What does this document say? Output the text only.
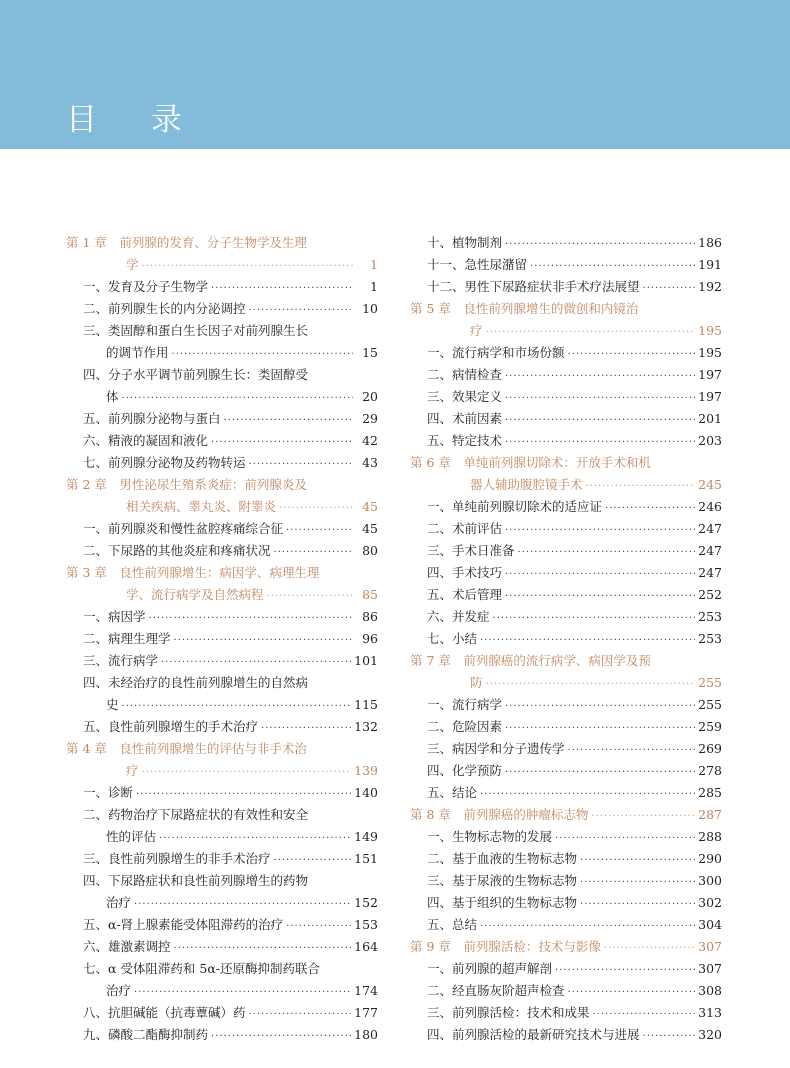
目 录
第 1 章　前列腺的发育、分子生物学及生理
学 ·····	1
一、发育及分子生物学 ·····	1
二、前列腺生长的内分泌调控 ·····	10
三、类固醇和蛋白生长因子对前列腺生长
的调节作用 ·····	15
四、分子水平调节前列腺生长：类固醇受
体 ·····	20
五、前列腺分泌物与蛋白 ·····	29
六、精液的凝固和液化 ·····	42
七、前列腺分泌物及药物转运 ·····	43
第 2 章　男性泌尿生殖系炎症：前列腺炎及
相关疾病、睾丸炎、附睾炎 ·····	45
一、前列腺炎和慢性盆腔疼痛综合征 ·····	45
二、下尿路的其他炎症和疼痛状况 ·····	80
第 3 章　良性前列腺增生：病因学、病理生理
学、流行病学及自然病程 ·····	85
一、病因学 ·····	86
二、病理生理学 ·····	96
三、流行病学 ·····	101
四、未经治疗的良性前列腺增生的自然病
史 ·····	115
五、良性前列腺增生的手术治疗 ·····	132
第 4 章　良性前列腺增生的评估与非手术治
疗 ·····	139
一、诊断 ·····	140
二、药物治疗下尿路症状的有效性和安全
性的评估 ·····	149
三、良性前列腺增生的非手术治疗 ·····	151
四、下尿路症状和良性前列腺增生的药物
治疗 ·····	152
五、α-肾上腺素能受体阻滞药的治疗 ·····	153
六、雄激素调控 ·····	164
七、α 受体阻滞药和 5α-还原酶抑制药联合
治疗 ·····	174
八、抗胆碱能（抗毒蕈碱）药 ·····	177
九、磷酸二酯酶抑制药 ·····	180
十、植物制剂 ·····	186
十一、急性尿潴留 ·····	191
十二、男性下尿路症状非手术疗法展望 ·····	192
第 5 章　良性前列腺增生的微创和内镜治
疗 ·····	195
一、流行病学和市场份额 ·····	195
二、病情检查 ·····	197
三、效果定义 ·····	197
四、术前因素 ·····	201
五、特定技术 ·····	203
第 6 章　单纯前列腺切除术：开放手术和机
器人辅助腹腔镜手术 ·····	245
一、单纯前列腺切除术的适应证 ·····	246
二、术前评估 ·····	247
三、手术日准备 ·····	247
四、手术技巧 ·····	247
五、术后管理 ·····	252
六、并发症 ·····	253
七、小结 ·····	253
第 7 章　前列腺癌的流行病学、病因学及预
防 ·····	255
一、流行病学 ·····	255
二、危险因素 ·····	259
三、病因学和分子遗传学 ·····	269
四、化学预防 ·····	278
五、结论 ·····	285
第 8 章　前列腺癌的肿瘤标志物 ·····	287
一、生物标志物的发展 ·····	288
二、基于血液的生物标志物 ·····	290
三、基于尿液的生物标志物 ·····	300
四、基于组织的生物标志物 ·····	302
五、总结 ·····	304
第 9 章　前列腺活检：技术与影像 ·····	307
一、前列腺的超声解剖 ·····	307
二、经直肠灰阶超声检查 ·····	308
三、前列腺活检：技术和成果 ·····	313
四、前列腺活检的最新研究技术与进展 ·····	320
